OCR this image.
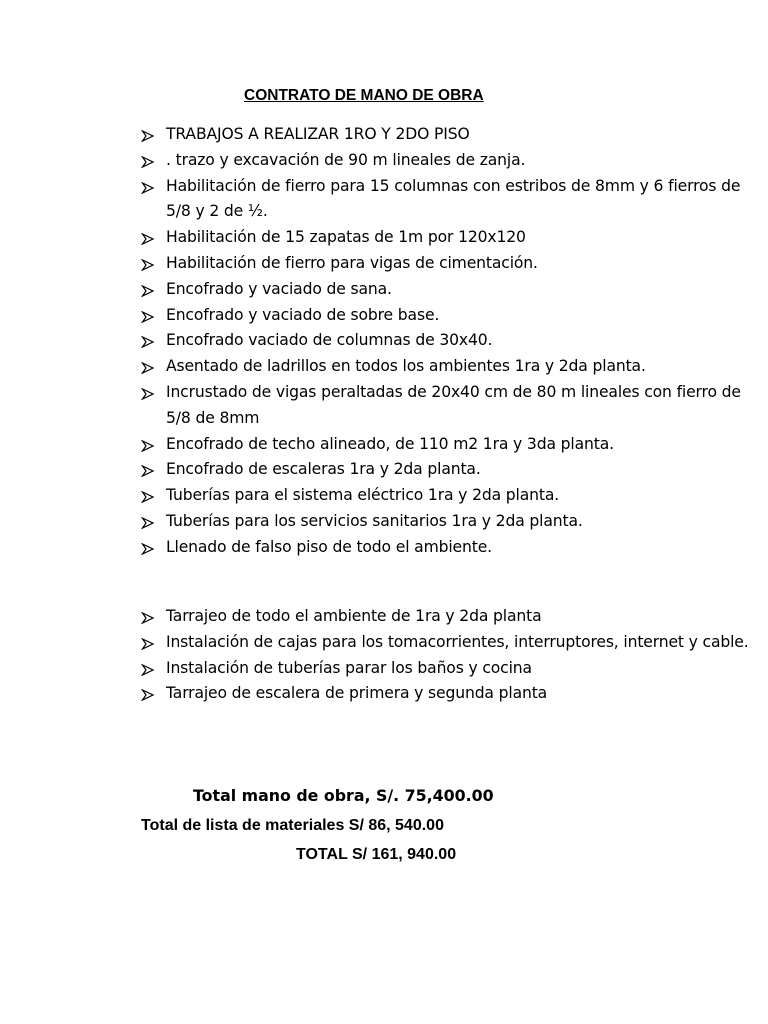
CONTRATO DE MANO DE OBRA
TRABAJOS A REALIZAR 1RO Y 2DO PISO
. trazo y excavación de 90 m lineales de zanja.
Habilitación de fierro para 15 columnas con estribos de 8mm y 6 fierros de 5/8 y 2 de ½.
Habilitación de 15 zapatas de 1m por 120x120
Habilitación de fierro para vigas de cimentación.
Encofrado y vaciado de sana.
Encofrado y vaciado de sobre base.
Encofrado vaciado de columnas de 30x40.
Asentado de ladrillos en todos los ambientes 1ra y 2da planta.
Incrustado de vigas peraltadas de 20x40 cm de 80 m lineales con fierro de 5/8 de 8mm
Encofrado de techo alineado, de 110 m2 1ra y 3da planta.
Encofrado de escaleras 1ra y 2da planta.
Tuberías para el sistema eléctrico 1ra y 2da planta.
Tuberías para los servicios sanitarios 1ra y 2da planta.
Llenado de falso piso de todo el ambiente.
Tarrajeo de todo el ambiente de 1ra y 2da planta
Instalación de cajas para los tomacorrientes, interruptores, internet y cable.
Instalación de tuberías parar los baños y cocina
Tarrajeo de escalera de primera y segunda planta
Total mano de obra, S/. 75,400.00
Total de lista de materiales S/ 86, 540.00
TOTAL S/ 161, 940.00
